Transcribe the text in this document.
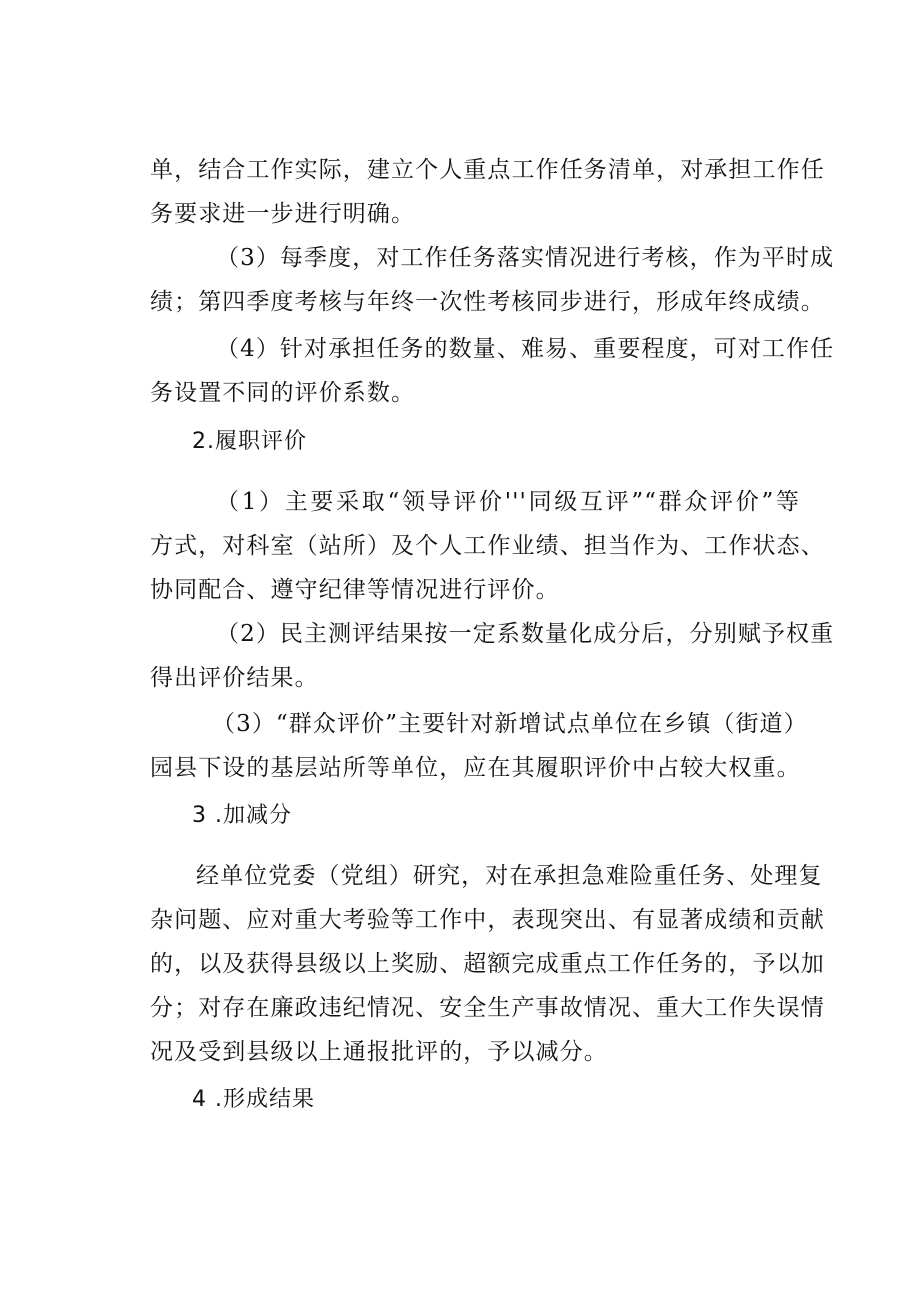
单，结合工作实际，建立个人重点工作任务清单，对承担工作任
务要求进一步进行明确。
（3）每季度，对工作任务落实情况进行考核，作为平时成
绩；第四季度考核与年终一次性考核同步进行，形成年终成绩。
（4）针对承担任务的数量、难易、重要程度，可对工作任
务设置不同的评价系数。
2.履职评价
（1）主要采取“领导评价'''同级互评”“群众评价”等
方式，对科室（站所）及个人工作业绩、担当作为、工作状态、
协同配合、遵守纪律等情况进行评价。
（2）民主测评结果按一定系数量化成分后，分别赋予权重
得出评价结果。
（3）“群众评价”主要针对新增试点单位在乡镇（街道）
园县下设的基层站所等单位，应在其履职评价中占较大权重。
3 .加减分
经单位党委（党组）研究，对在承担急难险重任务、处理复
杂问题、应对重大考验等工作中，表现突出、有显著成绩和贡献
的，以及获得县级以上奖励、超额完成重点工作任务的，予以加
分；对存在廉政违纪情况、安全生产事故情况、重大工作失误情
况及受到县级以上通报批评的，予以减分。
4 .形成结果
